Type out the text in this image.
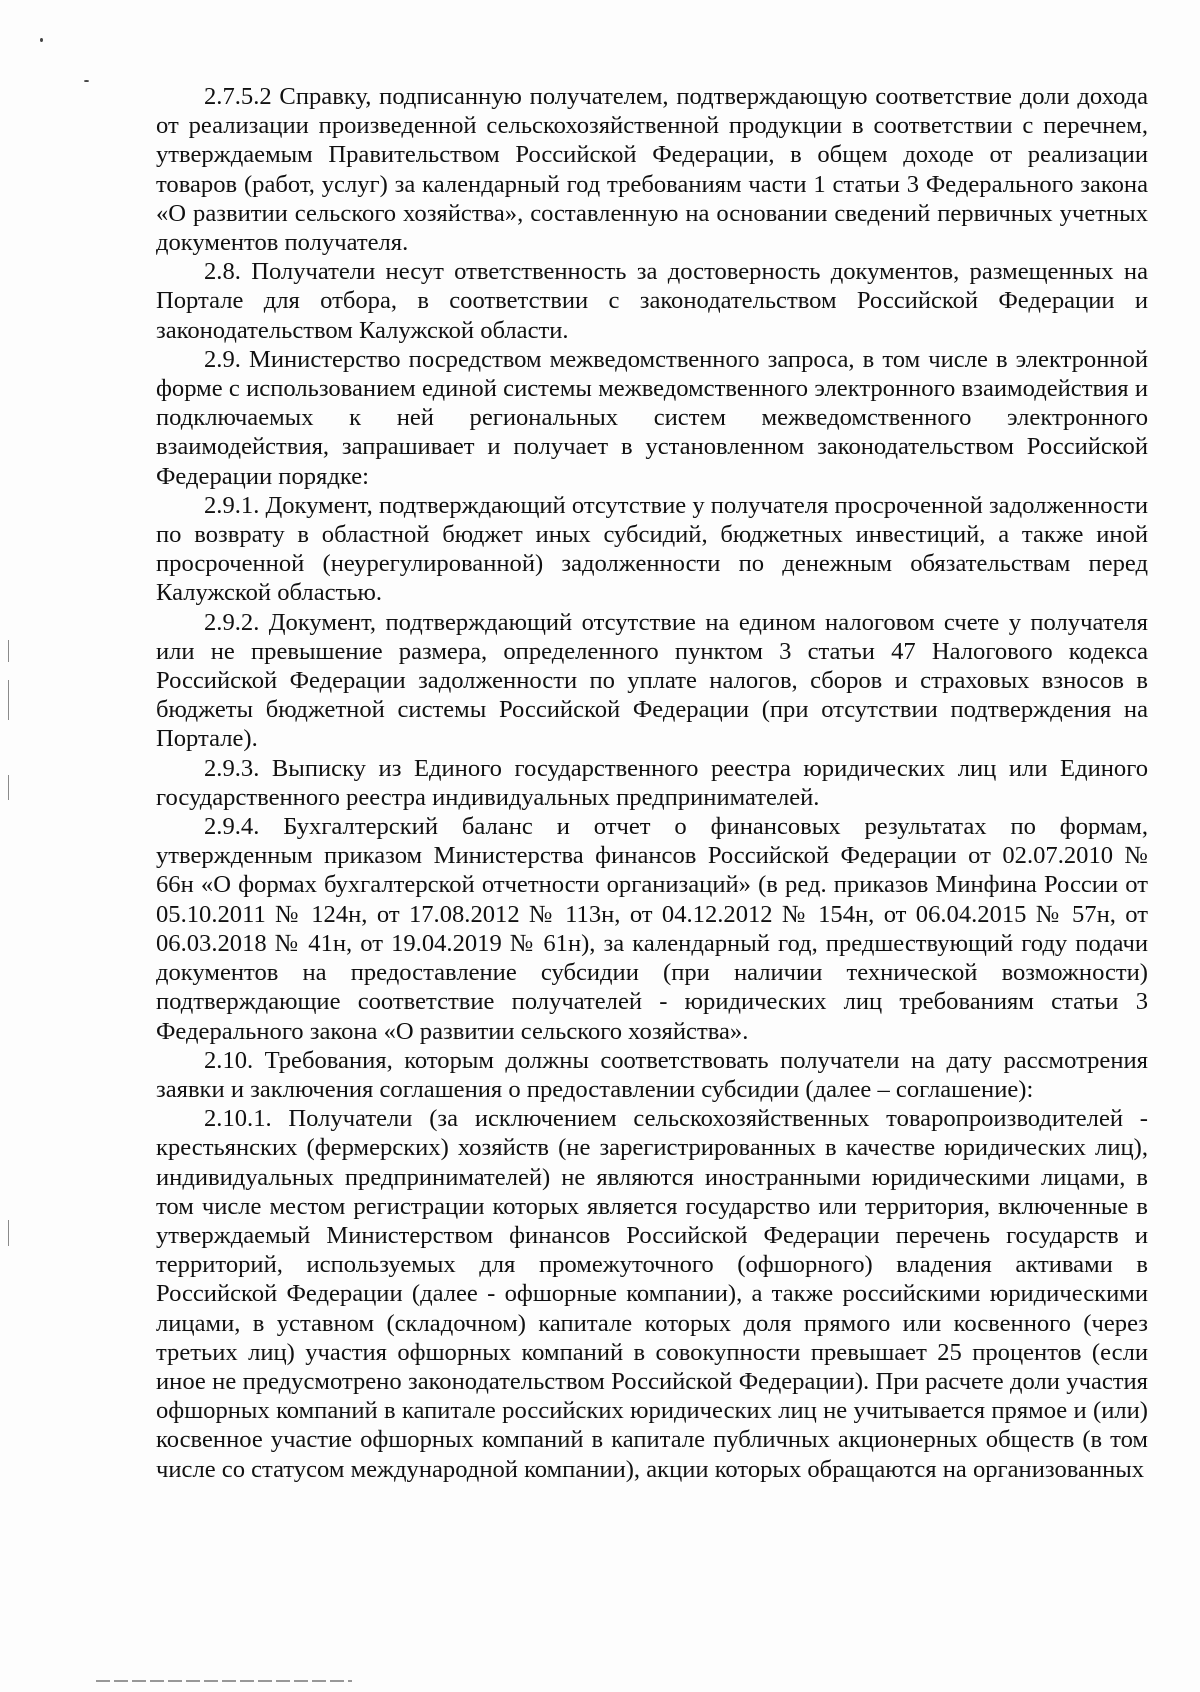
2.7.5.2 Справку, подписанную получателем, подтверждающую соответствие доли дохода от реализации произведенной сельскохозяйственной продукции в соответствии с перечнем, утверждаемым Правительством Российской Федерации, в общем доходе от реализации товаров (работ, услуг) за календарный год требованиям части 1 статьи 3 Федерального закона «О развитии сельского хозяйства», составленную на основании сведений первичных учетных документов получателя.

2.8. Получатели несут ответственность за достоверность документов, размещенных на Портале для отбора, в соответствии с законодательством Российской Федерации и законодательством Калужской области.

2.9. Министерство посредством межведомственного запроса, в том числе в электронной форме с использованием единой системы межведомственного электронного взаимодействия и подключаемых к ней региональных систем межведомственного электронного взаимодействия, запрашивает и получает в установленном законодательством Российской Федерации порядке:

2.9.1. Документ, подтверждающий отсутствие у получателя просроченной задолженности по возврату в областной бюджет иных субсидий, бюджетных инвестиций, а также иной просроченной (неурегулированной) задолженности по денежным обязательствам перед Калужской областью.

2.9.2. Документ, подтверждающий отсутствие на едином налоговом счете у получателя или не превышение размера, определенного пунктом 3 статьи 47 Налогового кодекса Российской Федерации задолженности по уплате налогов, сборов и страховых взносов в бюджеты бюджетной системы Российской Федерации (при отсутствии подтверждения на Портале).

2.9.3. Выписку из Единого государственного реестра юридических лиц или Единого государственного реестра индивидуальных предпринимателей.

2.9.4. Бухгалтерский баланс и отчет о финансовых результатах по формам, утвержденным приказом Министерства финансов Российской Федерации от 02.07.2010 № 66н «О формах бухгалтерской отчетности организаций» (в ред. приказов Минфина России от 05.10.2011 № 124н, от 17.08.2012 № 113н, от 04.12.2012 № 154н, от 06.04.2015 № 57н, от 06.03.2018 № 41н, от 19.04.2019 № 61н), за календарный год, предшествующий году подачи документов на предоставление субсидии (при наличии технической возможности) подтверждающие соответствие получателей - юридических лиц требованиям статьи 3 Федерального закона «О развитии сельского хозяйства».

2.10. Требования, которым должны соответствовать получатели на дату рассмотрения заявки и заключения соглашения о предоставлении субсидии (далее – соглашение):

2.10.1. Получатели (за исключением сельскохозяйственных товаропроизводителей - крестьянских (фермерских) хозяйств (не зарегистрированных в качестве юридических лиц), индивидуальных предпринимателей) не являются иностранными юридическими лицами, в том числе местом регистрации которых является государство или территория, включенные в утверждаемый Министерством финансов Российской Федерации перечень государств и территорий, используемых для промежуточного (офшорного) владения активами в Российской Федерации (далее - офшорные компании), а также российскими юридическими лицами, в уставном (складочном) капитале которых доля прямого или косвенного (через третьих лиц) участия офшорных компаний в совокупности превышает 25 процентов (если иное не предусмотрено законодательством Российской Федерации). При расчете доли участия офшорных компаний в капитале российских юридических лиц не учитывается прямое и (или) косвенное участие офшорных компаний в капитале публичных акционерных обществ (в том числе со статусом международной компании), акции которых обращаются на организованных
